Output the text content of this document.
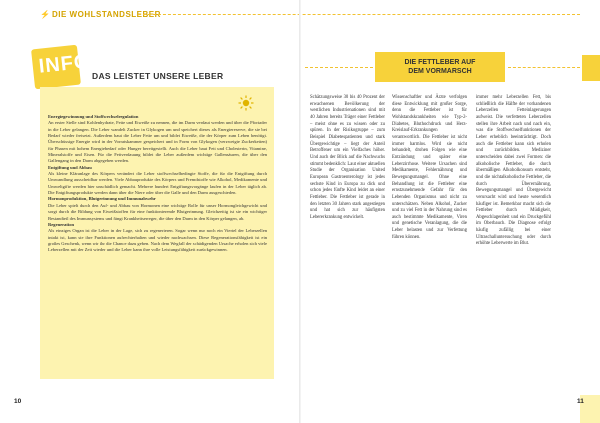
⚡ DIE WOHLSTANDSLEBER
INFO DAS LEISTET UNSERE LEBER

Energiegewinnung und Stoffwechselregulation

An erster Stelle sind Kohlenhydrate, Fette und Eiweiße zu nennen, die im Darm verdaut werden und über die Pfortader in die Leber gelangen. Die Leber wandelt Zucker in Glykogen um und speichert dieses als Energiereserve, die sie bei Bedarf wieder freisetzt. Außerdem baut die Leber Fette um und bildet Eiweiße, die der Körper zum Leben benötigt. Überschüssige Energie wird in der Vorratskammer gespeichert und in Form von Glykogen (verzweigte Zuckerketten) für Phasen mit hohem Energiebedarf oder Hunger bereitgestellt. Auch die Leber baut Fett und Cholesterin, Vitamine, Mineralstoffe und Eisen. Für die Fettverdauung bildet die Leber außerdem wichtige Gallensäuren, die über den Gallengang in den Darm abgegeben werden.

Entgiftung und Abbau

Als kleine Kläranlage des Körpers verändert die Leber stoffwechselbedingte Stoffe, die für die Entgiftung durch Umwandlung ausscheidbar werden. Viele Abbauprodukte des Körpers und Fremdstoffe wie Alkohol, Medikamente und Umweltgifte werden hier unschädlich gemacht. Mehrere hundert Entgiftungsvorgänge laufen in der Leber täglich ab. Die Entgiftungsprodukte werden dann über die Niere oder über die Galle und den Darm ausgeschieden.

Hormonproduktion, Blutgerinnung und Immunabwehr

Die Leber spielt durch den Auf- und Abbau von Hormonen eine wichtige Rolle für unser Hormongleichgewicht und sorgt durch die Bildung von Eiweißstoffen für eine funktionierende Blutgerinnung. Gleichzeitig ist sie ein wichtiger Bestandteil des Immunsystems und fängt Krankheitserreger, die über den Darm in den Körper gelangen, ab.

Regeneration

Als einziges Organ ist die Leber in der Lage, sich zu regenerieren. Sogar wenn nur noch ein Viertel der Leberzellen intakt ist, kann sie ihre Funktionen aufrechterhalten und wieder nachwachsen. Diese Regenerationsfähigkeit ist ein großes Geschenk, wenn wir ihr die Chance dazu geben. Nach dem Wegfall der schädigenden Ursache erholen sich viele Leberzellen mit der Zeit wieder und die Leber kann ihre volle Leistungsfähigkeit zurückgewinnen.

10
DIE FETTLEBER AUF
DEM VORMARSCH

Schätzungsweise 30 bis 40 Prozent der erwachsenen Bevölkerung der westlichen Industrienationen sind mit 40 Jahren bereits Träger einer Fettleber – meist ohne es zu wissen oder zu spüren. In der Risikogruppe – zum Beispiel Diabetespatienten und stark Übergewichtige – liegt der Anteil Betroffener um ein Vielfaches höher. Und auch der Blick auf die Nachwuchs stimmt bedenklich: Laut einer aktuellen Studie der Organisation United European Gastroenterology ist jedes sechste Kind in Europa zu dick und schon jedes fünfte Kind leidet an einer Fettleber. Die Fettleber ist gerade in den letzten 30 Jahren stark angestiegen und hat sich zur häufigsten Lebererkrankung entwickelt.

Wissenschaftler und Ärzte verfolgen diese Entwicklung mit großer Sorge, denn die Fettleber ist für Wohlstandskrankheiten wie Typ-2-Diabetes, Bluthochdruck und Herz-Kreislauf-Erkrankungen verantwortlich. Die Fettleber ist nicht immer harmlos. Wird sie nicht behandelt, drohen Folgen wie eine Entzündung und später eine Leberzirrhose. Weitere Ursachen sind Medikamente, Fehlernährung und Bewegungsmangel. Ohne eine Behandlung ist die Fettleber eine ernstzunehmende Gefahr für den Lebenden Organismus und nicht zu unterschätzen. Neben Alkohol, Zucker und zu viel Fett in der Nahrung sind es auch bestimmte Medikamente, Viren und genetische Veranlagung, die die Leber belasten und zur Verfettung führen können.

immer mehr Leberzellen Fett, bis schließlich die Hälfte der vorhandenen Leberzellen Fetteinlagerungen aufweist. Die verfetteten Leberzellen stellen ihre Arbeit nach und nach ein, was die Stoffwechselfunktionen der Leber erheblich beeinträchtigt. Doch auch die Fettleber kann sich erholen und zurückbilden. Mediziner unterscheiden dabei zwei Formen: die alkoholische Fettleber, die durch übermäßigen Alkoholkonsum entsteht, und die nichtalkoholische Fettleber, die durch Überernährung, Bewegungsmangel und Übergewicht verursacht wird und heute wesentlich häufiger ist. Bemerkbar macht sich die Fettleber durch Müdigkeit, Abgeschlagenheit und ein Druckgefühl im Oberbauch. Die Diagnose erfolgt häufig zufällig bei einer Ultraschalluntersuchung oder durch erhöhte Leberwerte im Blut.

11
